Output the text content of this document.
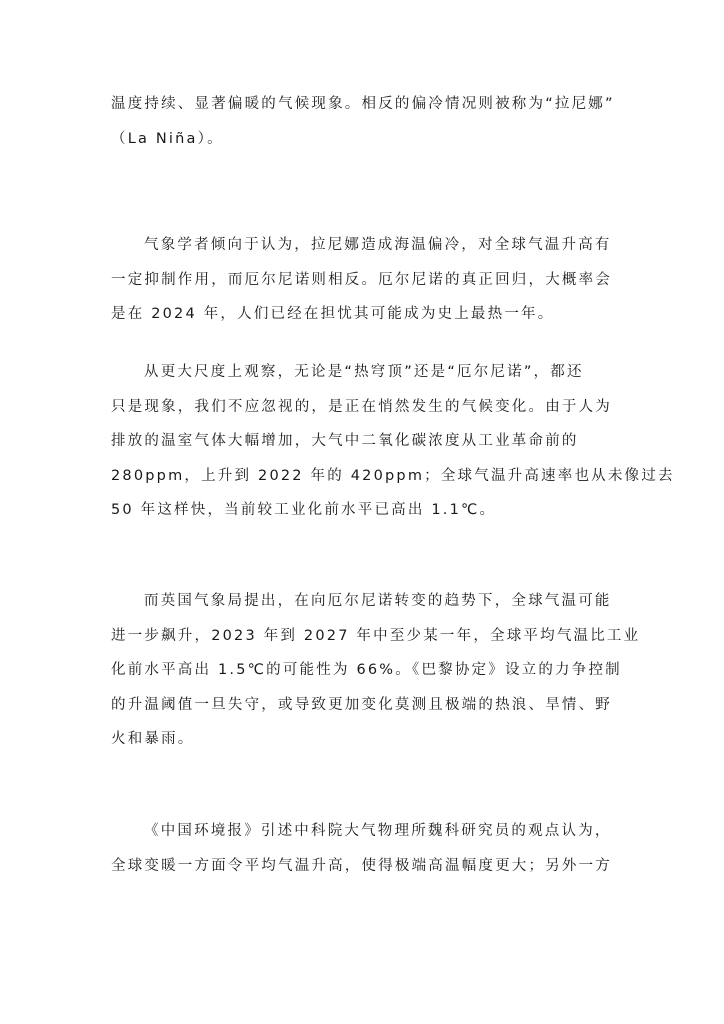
温度持续、显著偏暖的气候现象。相反的偏冷情况则被称为“拉尼娜”
（La Niña）。
气象学者倾向于认为，拉尼娜造成海温偏冷，对全球气温升高有
一定抑制作用，而厄尔尼诺则相反。厄尔尼诺的真正回归，大概率会
是在 2024 年，人们已经在担忧其可能成为史上最热一年。
从更大尺度上观察，无论是“热穹顶”还是“厄尔尼诺”，都还
只是现象，我们不应忽视的，是正在悄然发生的气候变化。由于人为
排放的温室气体大幅增加，大气中二氧化碳浓度从工业革命前的
280ppm，上升到 2022 年的 420ppm；全球气温升高速率也从未像过去
50 年这样快，当前较工业化前水平已高出 1.1℃。
而英国气象局提出，在向厄尔尼诺转变的趋势下，全球气温可能
进一步飙升，2023 年到 2027 年中至少某一年，全球平均气温比工业
化前水平高出 1.5℃的可能性为 66%。《巴黎协定》设立的力争控制
的升温阈值一旦失守，或导致更加变化莫测且极端的热浪、旱情、野
火和暴雨。
《中国环境报》引述中科院大气物理所魏科研究员的观点认为，
全球变暖一方面令平均气温升高，使得极端高温幅度更大；另外一方
